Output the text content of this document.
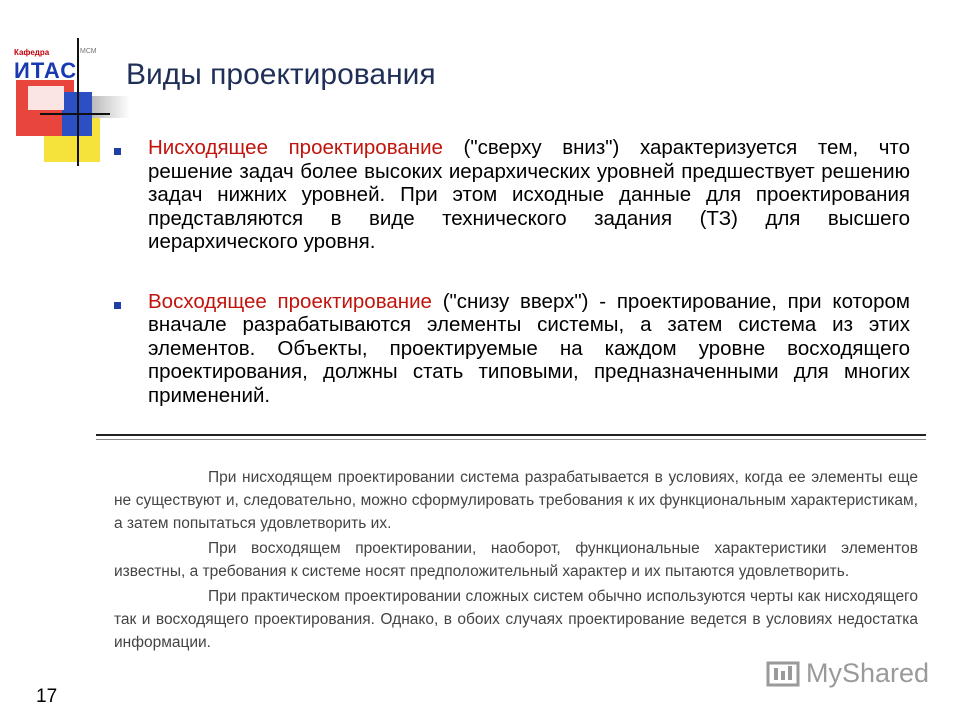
Кафедра	МСМ
ИТАС Виды проектирования

Нисходящее проектирование ("сверху вниз") характеризуется тем, что решение задач более высоких иерархических уровней предшествует решению задач нижних уровней. При этом исходные данные для проектирования представляются в виде технического задания (ТЗ) для высшего иерархического уровня.

Восходящее проектирование ("снизу вверх") - проектирование, при котором вначале разрабатываются элементы системы, а затем система из этих элементов. Объекты, проектируемые на каждом уровне восходящего проектирования, должны стать типовыми, предназначенными для многих применений.

При нисходящем проектировании система разрабатывается в условиях, когда ее элементы еще не существуют и, следовательно, можно сформулировать требования к их функциональным характеристикам, а затем попытаться удовлетворить их.

При восходящем проектировании, наоборот, функциональные характеристики элементов известны, а требования к системе носят предположительный характер и их пытаются удовлетворить.

При практическом проектировании сложных систем обычно используются черты как нисходящего так и восходящего проектирования. Однако, в обоих случаях проектирование ведется в условиях недостатка информации.

17
MyShared
